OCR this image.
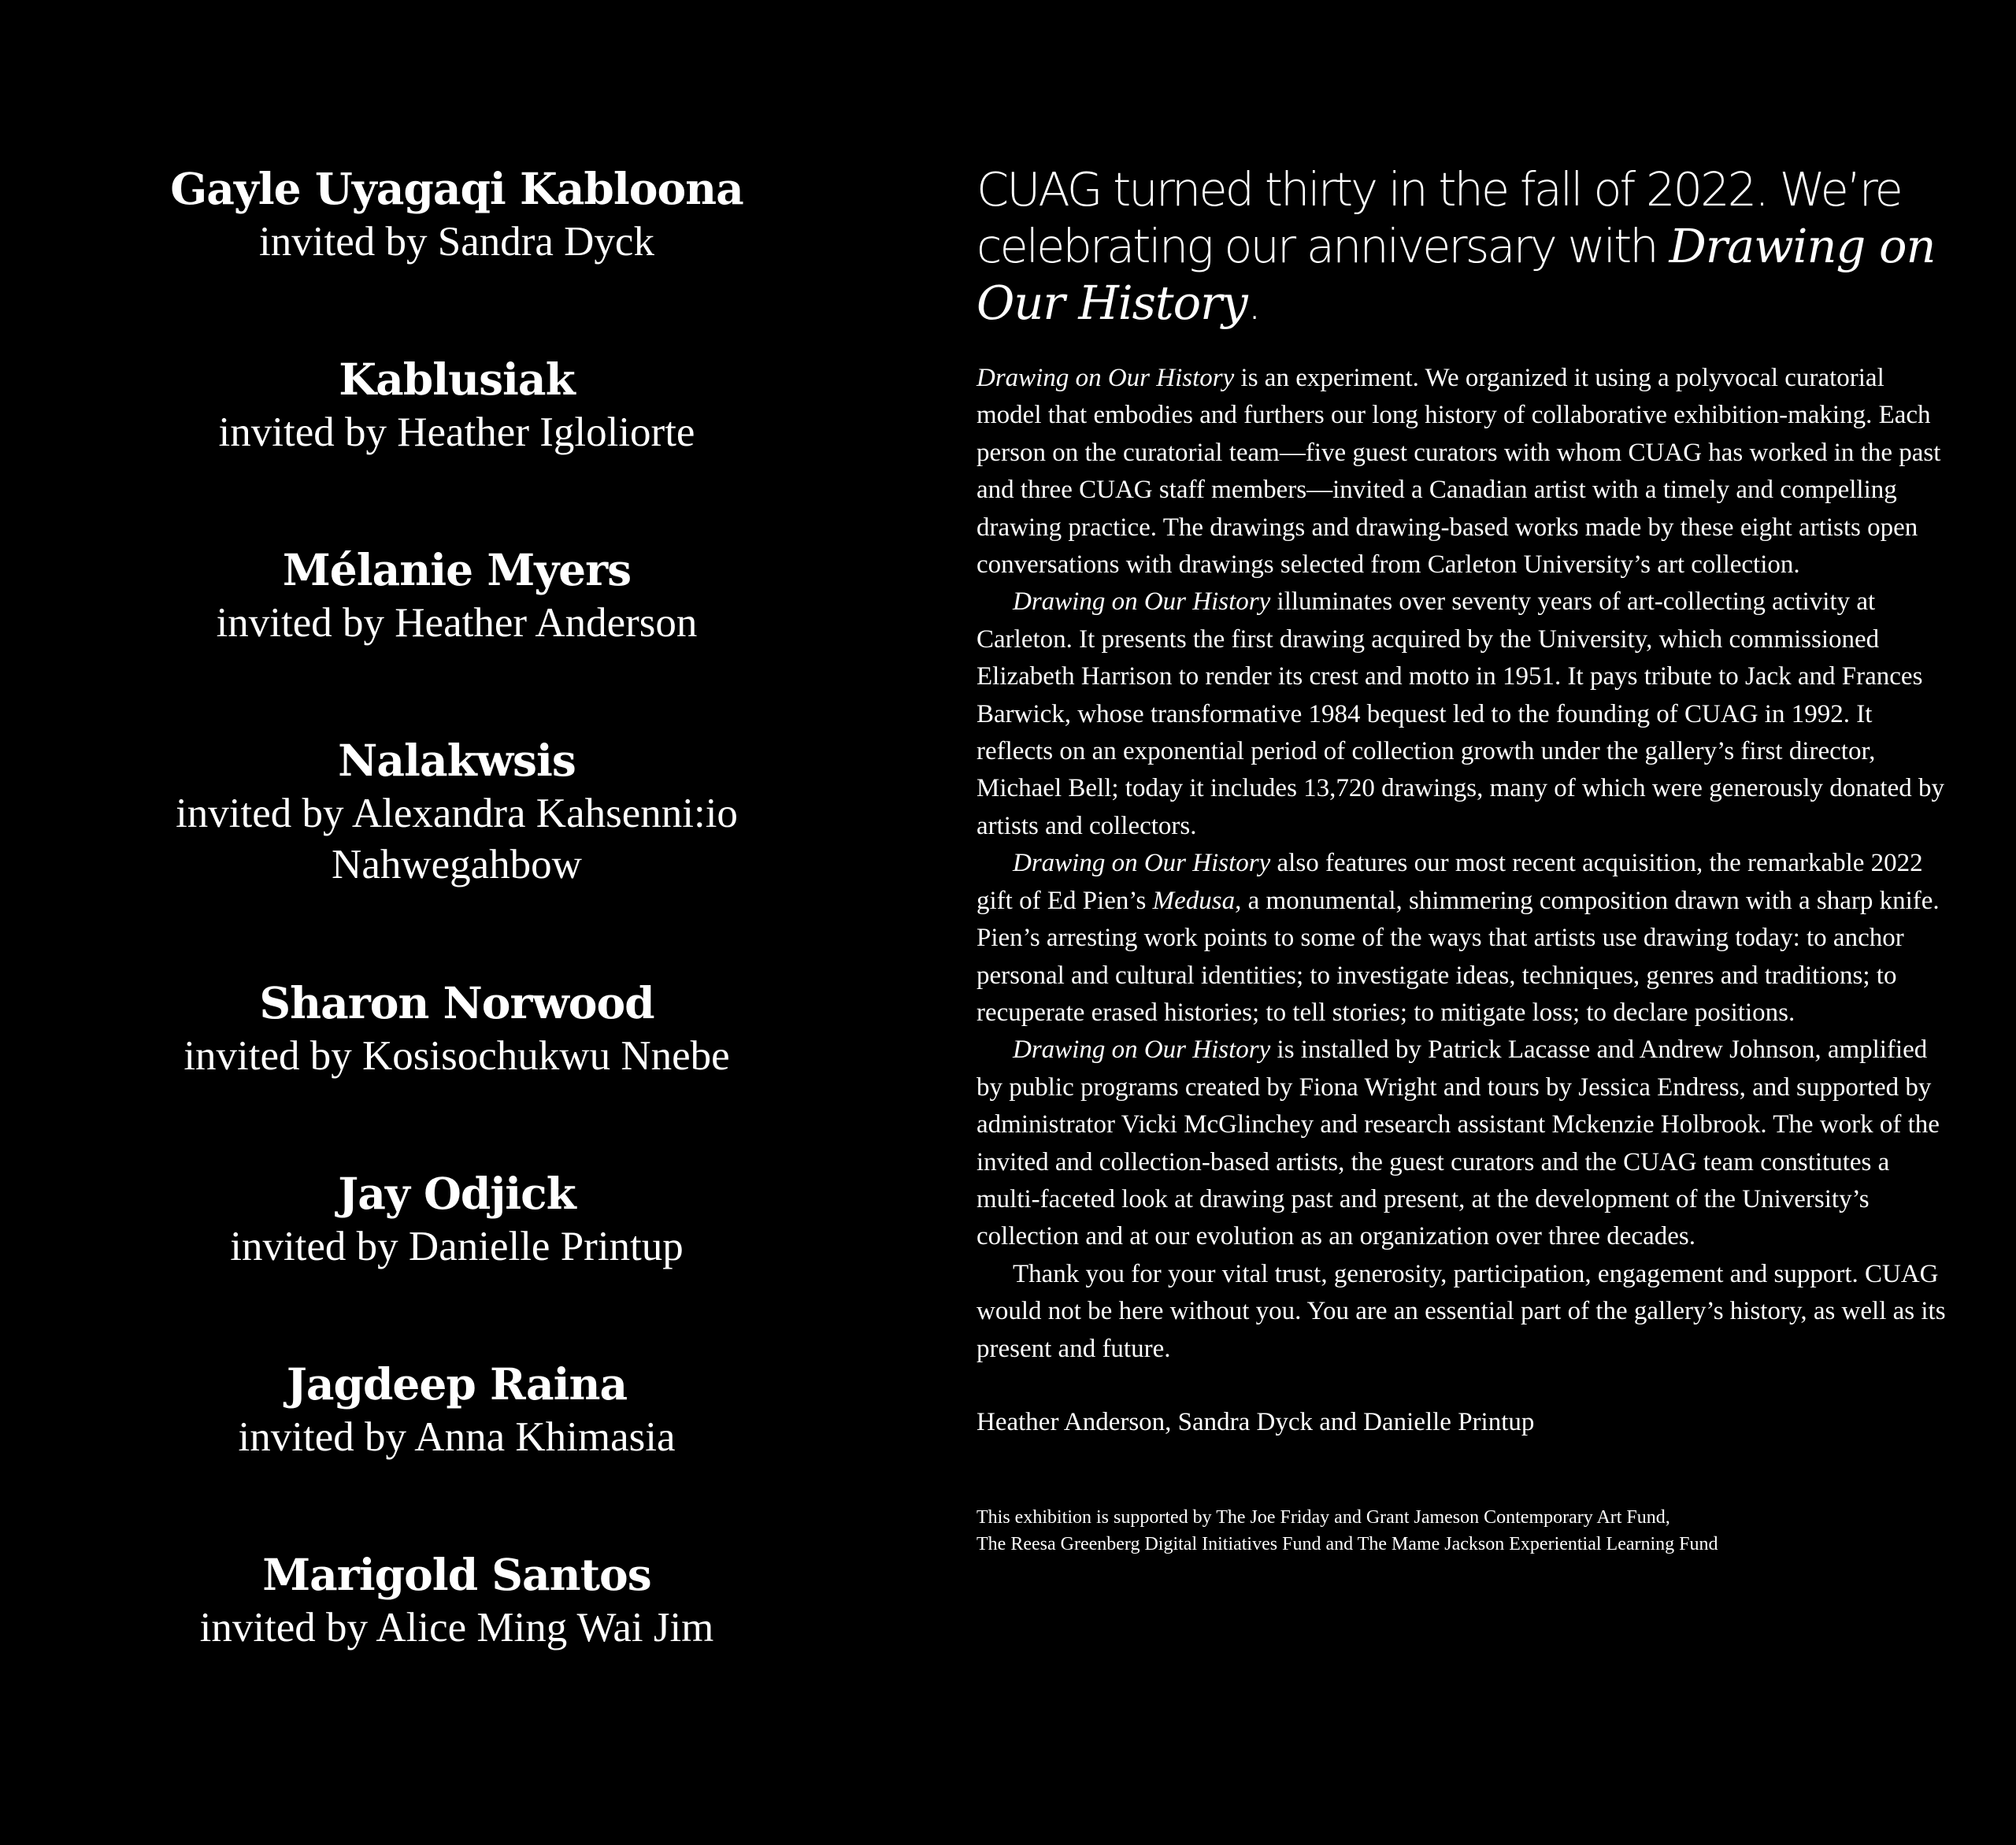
Gayle Uyagaqi Kabloona
invited by Sandra Dyck
Kablusiak
invited by Heather Igloliorte
Mélanie Myers
invited by Heather Anderson
Nalakwsis
invited by Alexandra Kahsenni:io Nahwegahbow
Sharon Norwood
invited by Kosisochukwu Nnebe
Jay Odjick
invited by Danielle Printup
Jagdeep Raina
invited by Anna Khimasia
Marigold Santos
invited by Alice Ming Wai Jim
CUAG turned thirty in the fall of 2022. We’re celebrating our anniversary with Drawing on Our History.

Drawing on Our History is an experiment. We organized it using a polyvocal curatorial model that embodies and furthers our long history of collaborative exhibition-making. Each person on the curatorial team—five guest curators with whom CUAG has worked in the past and three CUAG staff members—invited a Canadian artist with a timely and compelling drawing practice. The drawings and drawing-based works made by these eight artists open conversations with drawings selected from Carleton University’s art collection.

Drawing on Our History illuminates over seventy years of art-collecting activity at Carleton. It presents the first drawing acquired by the University, which commissioned Elizabeth Harrison to render its crest and motto in 1951. It pays tribute to Jack and Frances Barwick, whose transformative 1984 bequest led to the founding of CUAG in 1992. It reflects on an exponential period of collection growth under the gallery’s first director, Michael Bell; today it includes 13,720 drawings, many of which were generously donated by artists and collectors.

Drawing on Our History also features our most recent acquisition, the remarkable 2022 gift of Ed Pien’s Medusa, a monumental, shimmering composition drawn with a sharp knife. Pien’s arresting work points to some of the ways that artists use drawing today: to anchor personal and cultural identities; to investigate ideas, techniques, genres and traditions; to recuperate erased histories; to tell stories; to mitigate loss; to declare positions.

Drawing on Our History is installed by Patrick Lacasse and Andrew Johnson, amplified by public programs created by Fiona Wright and tours by Jessica Endress, and supported by administrator Vicki McGlinchey and research assistant Mckenzie Holbrook. The work of the invited and collection-based artists, the guest curators and the CUAG team constitutes a multi-faceted look at drawing past and present, at the development of the University’s collection and at our evolution as an organization over three decades.

Thank you for your vital trust, generosity, participation, engagement and support. CUAG would not be here without you. You are an essential part of the gallery’s history, as well as its present and future.

Heather Anderson, Sandra Dyck and Danielle Printup

This exhibition is supported by The Joe Friday and Grant Jameson Contemporary Art Fund,
The Reesa Greenberg Digital Initiatives Fund and The Mame Jackson Experiential Learning Fund
